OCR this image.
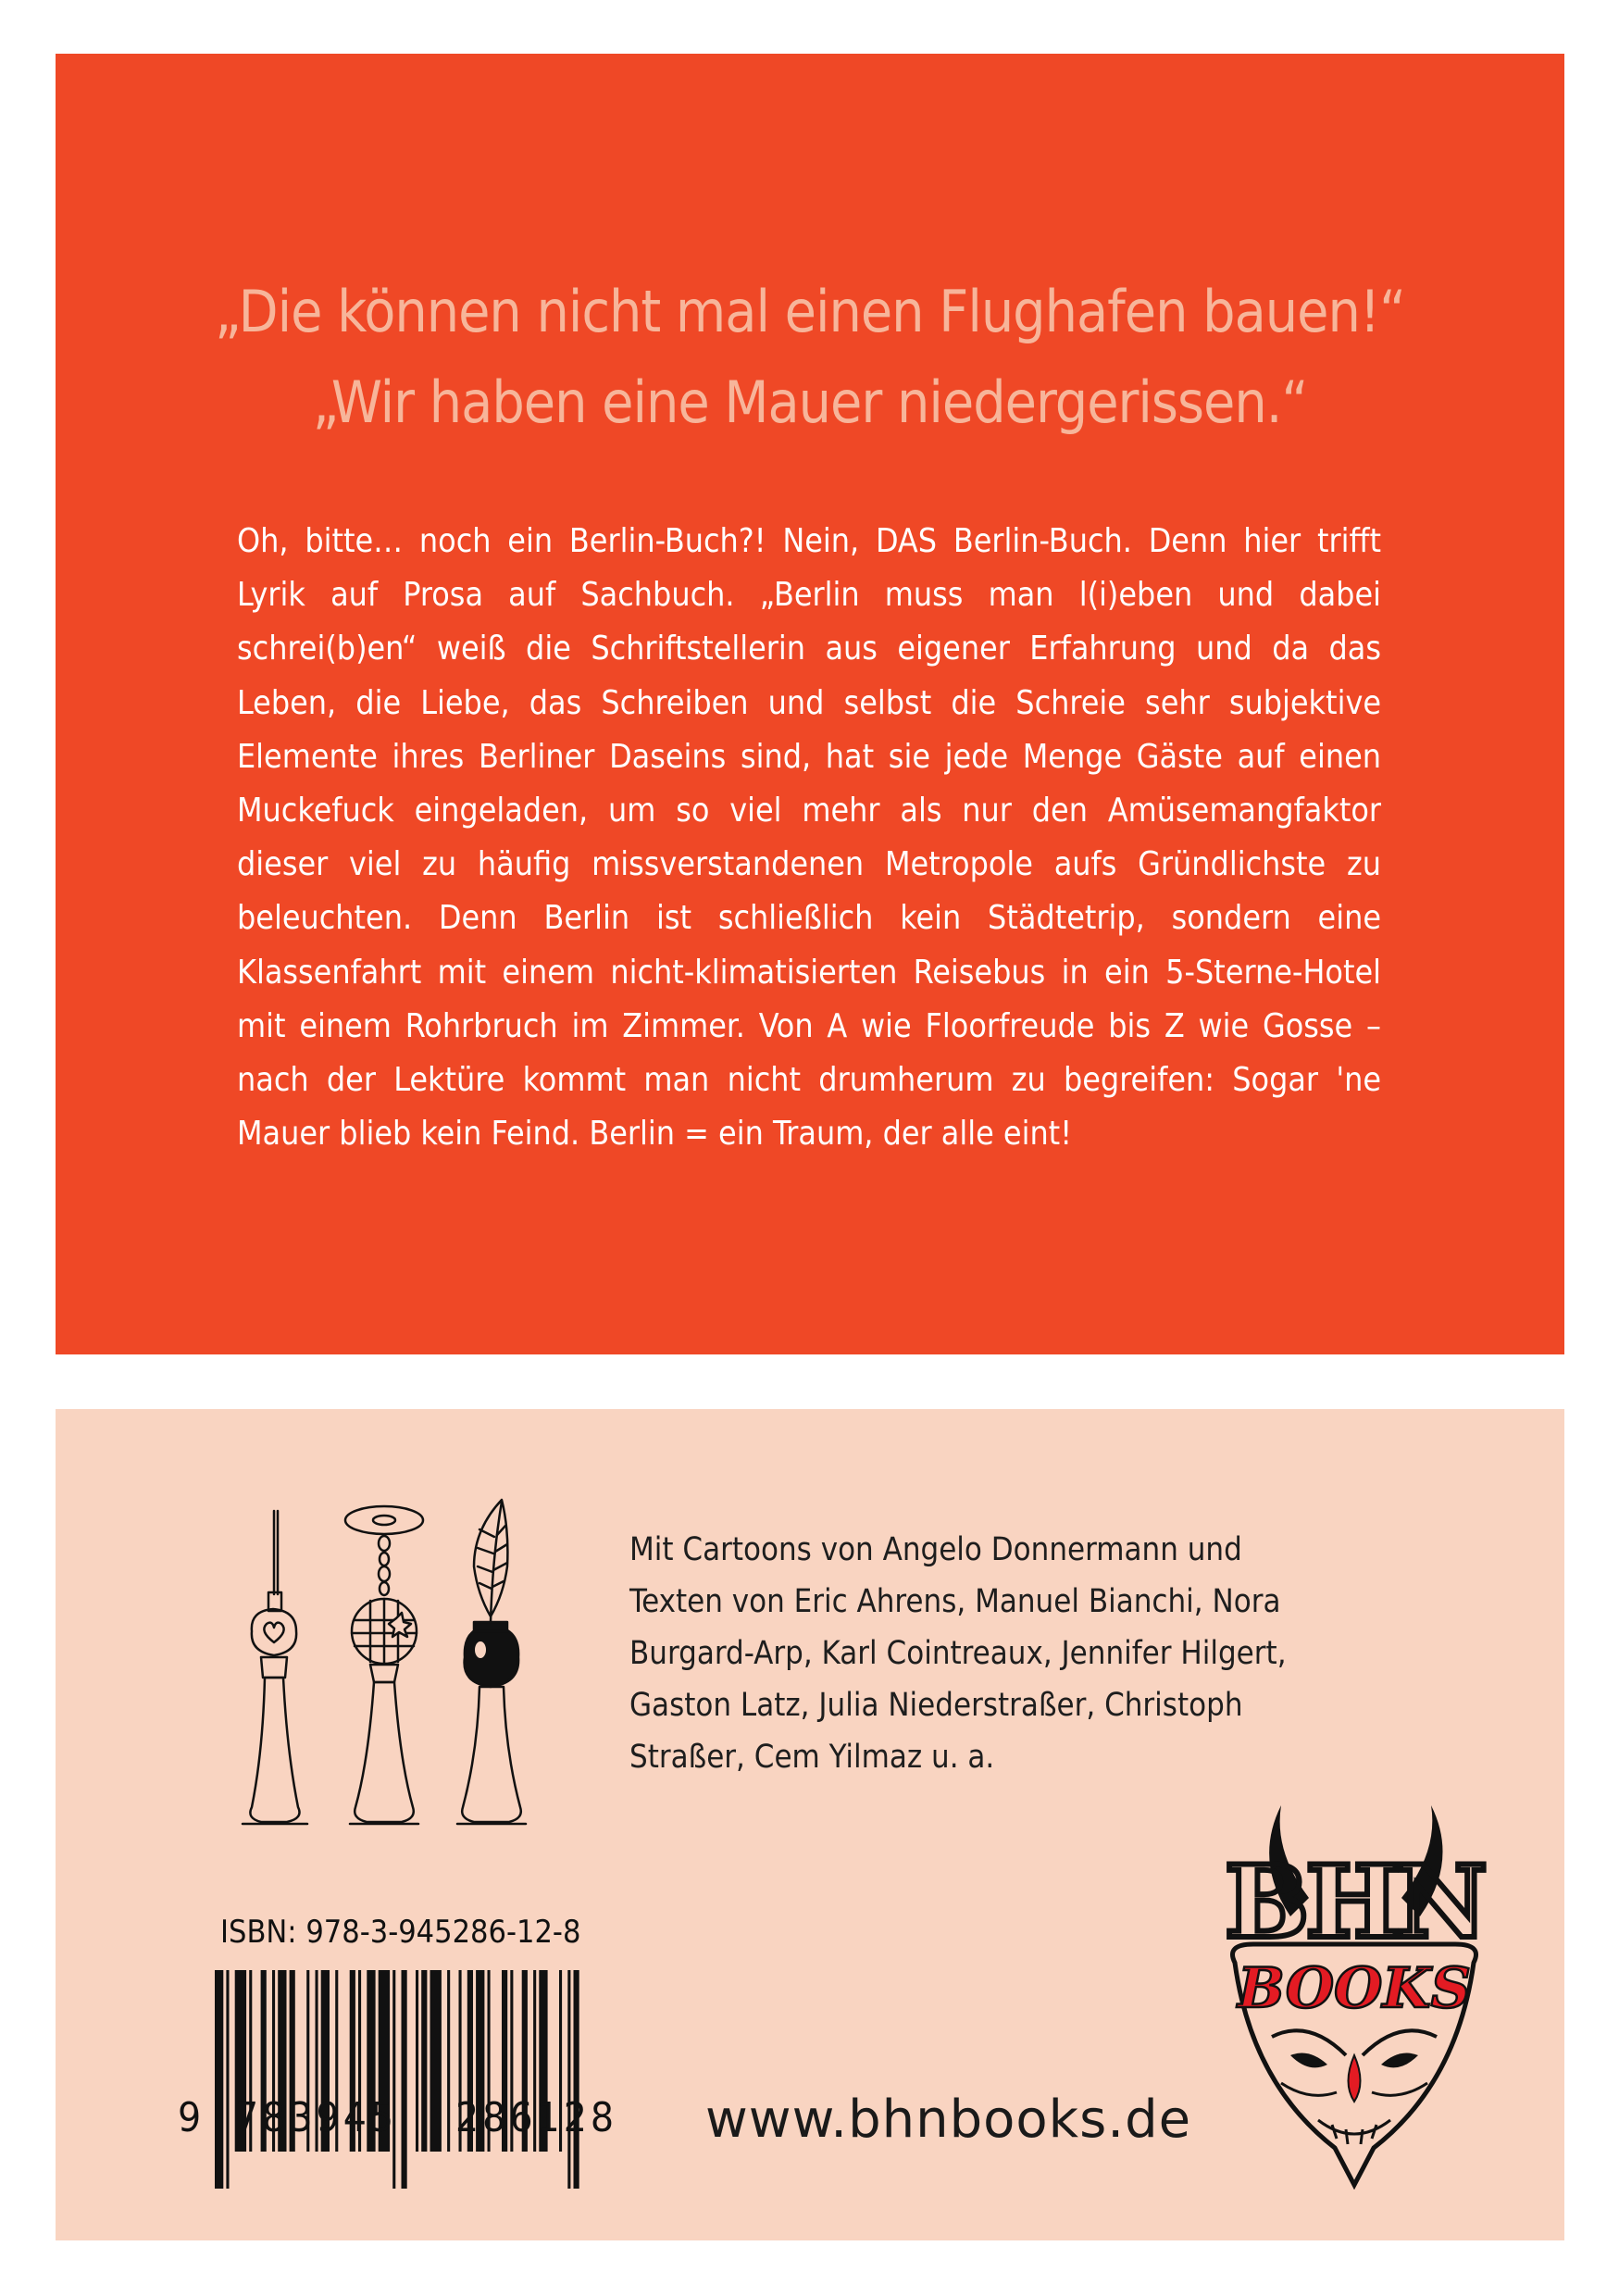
„Die können nicht mal einen Flughafen bauen!“
„Wir haben eine Mauer niedergerissen.“
Oh, bitte… noch ein Berlin-Buch?! Nein, DAS Berlin-Buch. Denn hier trifft Lyrik auf Prosa auf Sachbuch. „Berlin muss man l(i)eben und dabei schrei(b)en“ weiß die Schriftstellerin aus eigener Erfahrung und da das Leben, die Liebe, das Schreiben und selbst die Schreie sehr subjektive Elemente ihres Berliner Daseins sind, hat sie jede Menge Gäste auf einen Muckefuck eingeladen, um so viel mehr als nur den Amüsemangfaktor dieser viel zu häufig missverstandenen Metropole aufs Gründlichste zu beleuchten. Denn Berlin ist schließlich kein Städtetrip, sondern eine Klassenfahrt mit einem nicht-klimatisierten Reisebus in ein 5-Sterne-Hotel mit einem Rohrbruch im Zimmer. Von A wie Floorfreude bis Z wie Gosse – nach der Lektüre kommt man nicht drumherum zu begreifen: Sogar 'ne Mauer blieb kein Feind. Berlin = ein Traum, der alle eint!
Mit Cartoons von Angelo Donnermann und Texten von Eric Ahrens, Manuel Bianchi, Nora Burgard-Arp, Karl Cointreaux, Jennifer Hilgert, Gaston Latz, Julia Niederstraßer, Christoph Straßer, Cem Yilmaz u. a.
ISBN: 978-3-945286-12-8
9 783945 286128 www.bhnbooks.de
BHN
BOOKS
